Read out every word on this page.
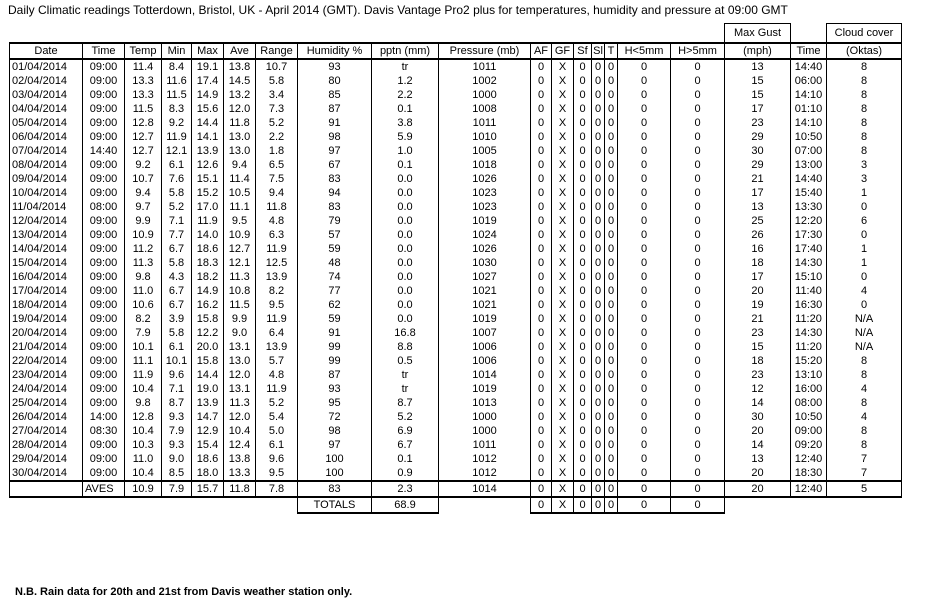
Daily Climatic readings Totterdown, Bristol, UK - April 2014 (GMT). Davis Vantage Pro2 plus for temperatures, humidity and pressure at 09:00 GMT
																	Max Gust		Cloud cover
Date	Time	Temp	Min	Max	Ave	Range	Humidity %	pptn (mm)	Pressure (mb)	AF	GF	Sf	Sl	T	H<5mm	H>5mm	(mph)	Time	(Oktas)
01/04/2014	09:00	11.4	8.4	19.1	13.8	10.7	93	tr	1011	0	X	0	0	0	0	0	13	14:40	8
02/04/2014	09:00	13.3	11.6	17.4	14.5	5.8	80	1.2	1002	0	X	0	0	0	0	0	15	06:00	8
03/04/2014	09:00	13.3	11.5	14.9	13.2	3.4	85	2.2	1000	0	X	0	0	0	0	0	15	14:10	8
04/04/2014	09:00	11.5	8.3	15.6	12.0	7.3	87	0.1	1008	0	X	0	0	0	0	0	17	01:10	8
05/04/2014	09:00	12.8	9.2	14.4	11.8	5.2	91	3.8	1011	0	X	0	0	0	0	0	23	14:10	8
06/04/2014	09:00	12.7	11.9	14.1	13.0	2.2	98	5.9	1010	0	X	0	0	0	0	0	29	10:50	8
07/04/2014	14:40	12.7	12.1	13.9	13.0	1.8	97	1.0	1005	0	X	0	0	0	0	0	30	07:00	8
08/04/2014	09:00	9.2	6.1	12.6	9.4	6.5	67	0.1	1018	0	X	0	0	0	0	0	29	13:00	3
09/04/2014	09:00	10.7	7.6	15.1	11.4	7.5	83	0.0	1026	0	X	0	0	0	0	0	21	14:40	3
10/04/2014	09:00	9.4	5.8	15.2	10.5	9.4	94	0.0	1023	0	X	0	0	0	0	0	17	15:40	1
11/04/2014	08:00	9.7	5.2	17.0	11.1	11.8	83	0.0	1023	0	X	0	0	0	0	0	13	13:30	0
12/04/2014	09:00	9.9	7.1	11.9	9.5	4.8	79	0.0	1019	0	X	0	0	0	0	0	25	12:20	6
13/04/2014	09:00	10.9	7.7	14.0	10.9	6.3	57	0.0	1024	0	X	0	0	0	0	0	26	17:30	0
14/04/2014	09:00	11.2	6.7	18.6	12.7	11.9	59	0.0	1026	0	X	0	0	0	0	0	16	17:40	1
15/04/2014	09:00	11.3	5.8	18.3	12.1	12.5	48	0.0	1030	0	X	0	0	0	0	0	18	14:30	1
16/04/2014	09:00	9.8	4.3	18.2	11.3	13.9	74	0.0	1027	0	X	0	0	0	0	0	17	15:10	0
17/04/2014	09:00	11.0	6.7	14.9	10.8	8.2	77	0.0	1021	0	X	0	0	0	0	0	20	11:40	4
18/04/2014	09:00	10.6	6.7	16.2	11.5	9.5	62	0.0	1021	0	X	0	0	0	0	0	19	16:30	0
19/04/2014	09:00	8.2	3.9	15.8	9.9	11.9	59	0.0	1019	0	X	0	0	0	0	0	21	11:20	N/A
20/04/2014	09:00	7.9	5.8	12.2	9.0	6.4	91	16.8	1007	0	X	0	0	0	0	0	23	14:30	N/A
21/04/2014	09:00	10.1	6.1	20.0	13.1	13.9	99	8.8	1006	0	X	0	0	0	0	0	15	11:20	N/A
22/04/2014	09:00	11.1	10.1	15.8	13.0	5.7	99	0.5	1006	0	X	0	0	0	0	0	18	15:20	8
23/04/2014	09:00	11.9	9.6	14.4	12.0	4.8	87	tr	1014	0	X	0	0	0	0	0	23	13:10	8
24/04/2014	09:00	10.4	7.1	19.0	13.1	11.9	93	tr	1019	0	X	0	0	0	0	0	12	16:00	4
25/04/2014	09:00	9.8	8.7	13.9	11.3	5.2	95	8.7	1013	0	X	0	0	0	0	0	14	08:00	8
26/04/2014	14:00	12.8	9.3	14.7	12.0	5.4	72	5.2	1000	0	X	0	0	0	0	0	30	10:50	4
27/04/2014	08:30	10.4	7.9	12.9	10.4	5.0	98	6.9	1000	0	X	0	0	0	0	0	20	09:00	8
28/04/2014	09:00	10.3	9.3	15.4	12.4	6.1	97	6.7	1011	0	X	0	0	0	0	0	14	09:20	8
29/04/2014	09:00	11.0	9.0	18.6	13.8	9.6	100	0.1	1012	0	X	0	0	0	0	0	13	12:40	7
30/04/2014	09:00	10.4	8.5	18.0	13.3	9.5	100	0.9	1012	0	X	0	0	0	0	0	20	18:30	7
	AVES	10.9	7.9	15.7	11.8	7.8	83	2.3	1014	0	X	0	0	0	0	0	20	12:40	5
							TOTALS	68.9		0	X	0	0	0	0	0			
N.B. Rain data for 20th and 21st from Davis weather station only.
